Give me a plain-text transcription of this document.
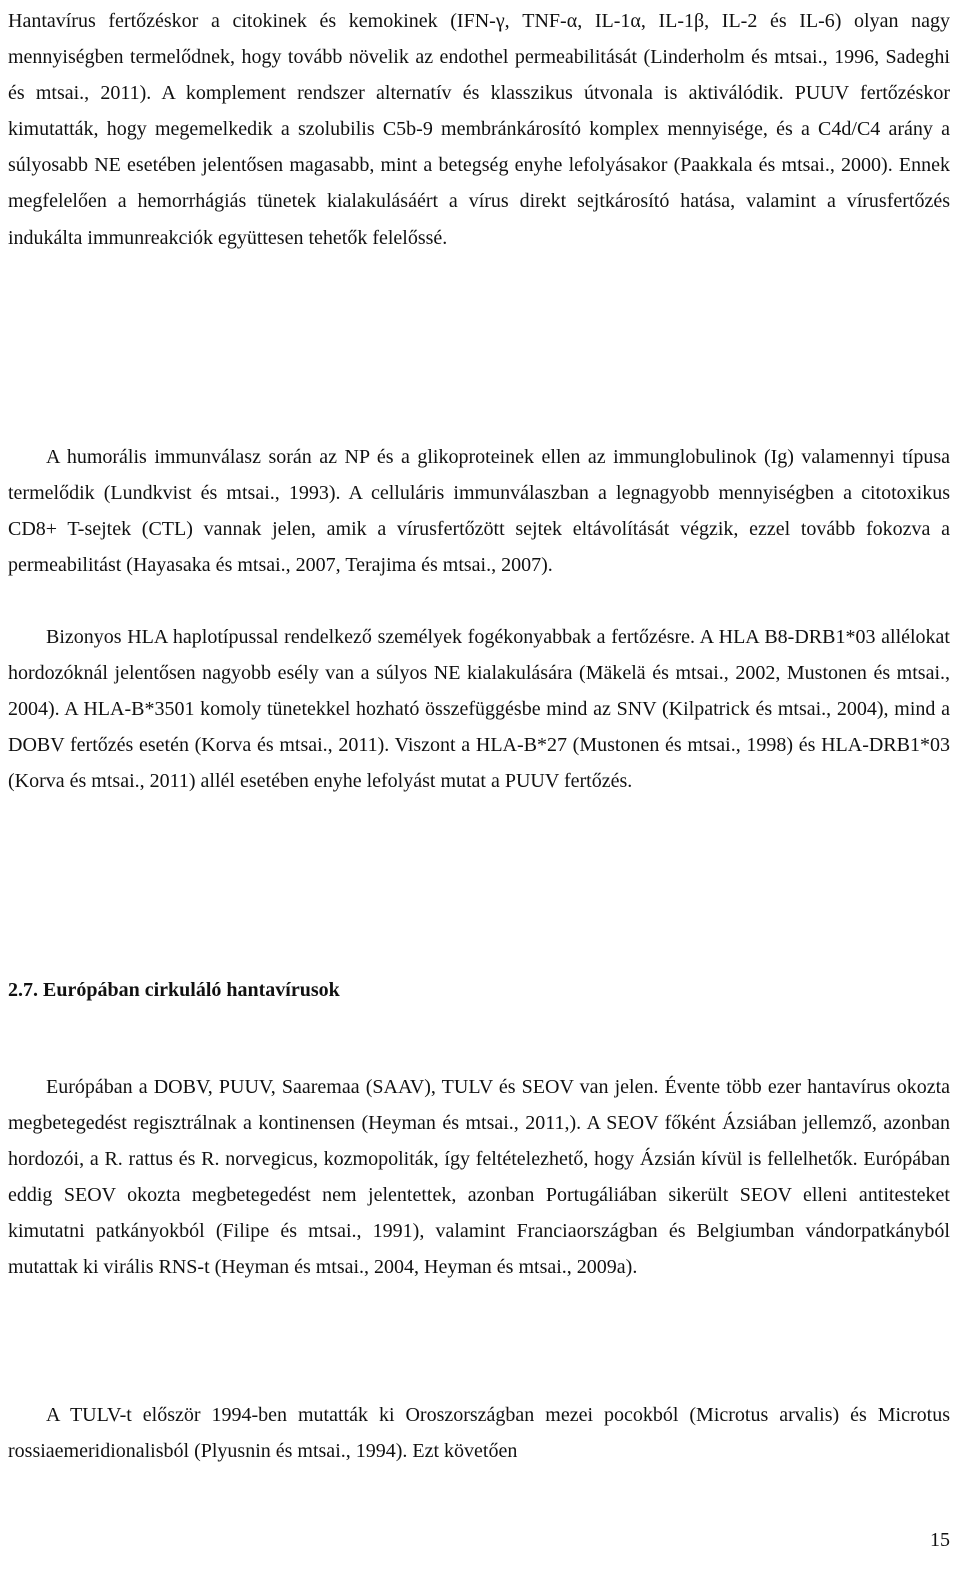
Hantavírus fertőzéskor a citokinek és kemokinek (IFN-γ, TNF-α, IL-1α, IL-1β, IL-2 és IL-6) olyan nagy mennyiségben termelődnek, hogy tovább növelik az endothel permeabilitását (Linderholm és mtsai., 1996, Sadeghi és mtsai., 2011). A komplement rendszer alternatív és klasszikus útvonala is aktiválódik. PUUV fertőzéskor kimutatták, hogy megemelkedik a szolubilis C5b-9 membránkárosító komplex mennyisége, és a C4d/C4 arány a súlyosabb NE esetében jelentősen magasabb, mint a betegség enyhe lefolyásakor (Paakkala és mtsai., 2000). Ennek megfelelően a hemorrhágiás tünetek kialakulásáért a vírus direkt sejtkárosító hatása, valamint a vírusfertőzés indukálta immunreakciók együttesen tehetők felelőssé.

A humorális immunválasz során az NP és a glikoproteinek ellen az immunglobulinok (Ig) valamennyi típusa termelődik (Lundkvist és mtsai., 1993). A celluláris immunválaszban a legnagyobb mennyiségben a citotoxikus CD8+ T-sejtek (CTL) vannak jelen, amik a vírusfertőzött sejtek eltávolítását végzik, ezzel tovább fokozva a permeabilitást (Hayasaka és mtsai., 2007, Terajima és mtsai., 2007).

Bizonyos HLA haplotípussal rendelkező személyek fogékonyabbak a fertőzésre. A HLA B8-DRB1*03 allélokat hordozóknál jelentősen nagyobb esély van a súlyos NE kialakulására (Mäkelä és mtsai., 2002, Mustonen és mtsai., 2004). A HLA-B*3501 komoly tünetekkel hozható összefüggésbe mind az SNV (Kilpatrick és mtsai., 2004), mind a DOBV fertőzés esetén (Korva és mtsai., 2011). Viszont a HLA-B*27 (Mustonen és mtsai., 1998) és HLA-DRB1*03 (Korva és mtsai., 2011) allél esetében enyhe lefolyást mutat a PUUV fertőzés.

2.7. Európában cirkuláló hantavírusok

Európában a DOBV, PUUV, Saaremaa (SAAV), TULV és SEOV van jelen. Évente több ezer hantavírus okozta megbetegedést regisztrálnak a kontinensen (Heyman és mtsai., 2011,). A SEOV főként Ázsiában jellemző, azonban hordozói, a R. rattus és R. norvegicus, kozmopoliták, így feltételezhető, hogy Ázsián kívül is fellelhetők. Európában eddig SEOV okozta megbetegedést nem jelentettek, azonban Portugáliában sikerült SEOV elleni antitesteket kimutatni patkányokból (Filipe és mtsai., 1991), valamint Franciaországban és Belgiumban vándorpatkányból mutattak ki virális RNS-t (Heyman és mtsai., 2004, Heyman és mtsai., 2009a).

A TULV-t először 1994-ben mutatták ki Oroszországban mezei pocokból (Microtus arvalis) és Microtus rossiaemeridionalisból (Plyusnin és mtsai., 1994). Ezt követően

15
